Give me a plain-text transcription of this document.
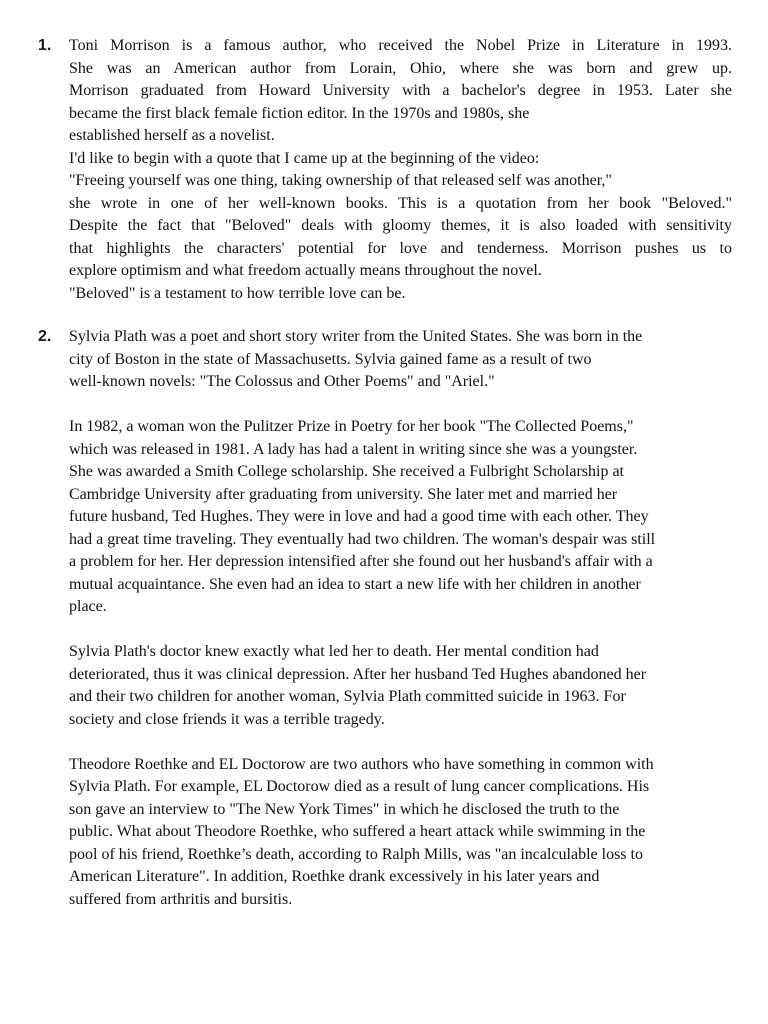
1.	Toni Morrison is a famous author, who received the Nobel Prize in Literature in 1993.
She was an American author from Lorain, Ohio, where she was born and grew up.
Morrison graduated from Howard University with a bachelor's degree in 1953. Later she
became the first black female fiction editor. In the 1970s and 1980s, she
established herself as a novelist.
I'd like to begin with a quote that I came up at the beginning of the video:
"Freeing yourself was one thing, taking ownership of that released self was another,"
she wrote in one of her well-known books. This is a quotation from her book "Beloved."
Despite the fact that "Beloved" deals with gloomy themes, it is also loaded with sensitivity
that highlights the characters' potential for love and tenderness. Morrison pushes us to
explore optimism and what freedom actually means throughout the novel.
"Beloved" is a testament to how terrible love can be.
2.	Sylvia Plath was a poet and short story writer from the United States. She was born in the
city of Boston in the state of Massachusetts. Sylvia gained fame as a result of two
well-known novels: "The Colossus and Other Poems" and "Ariel."
In 1982, a woman won the Pulitzer Prize in Poetry for her book "The Collected Poems,"
which was released in 1981. A lady has had a talent in writing since she was a youngster.
She was awarded a Smith College scholarship. She received a Fulbright Scholarship at
Cambridge University after graduating from university. She later met and married her
future husband, Ted Hughes. They were in love and had a good time with each other. They
had a great time traveling. They eventually had two children. The woman's despair was still
a problem for her. Her depression intensified after she found out her husband's affair with a
mutual acquaintance. She even had an idea to start a new life with her children in another
place.
Sylvia Plath's doctor knew exactly what led her to death. Her mental condition had
deteriorated, thus it was clinical depression. After her husband Ted Hughes abandoned her
and their two children for another woman, Sylvia Plath committed suicide in 1963. For
society and close friends it was a terrible tragedy.
Theodore Roethke and EL Doctorow are two authors who have something in common with
Sylvia Plath. For example, EL Doctorow died as a result of lung cancer complications. His
son gave an interview to "The New York Times" in which he disclosed the truth to the
public. What about Theodore Roethke, who suffered a heart attack while swimming in the
pool of his friend, Roethke’s death, according to Ralph Mills, was "an incalculable loss to
American Literature". In addition, Roethke drank excessively in his later years and
suffered from arthritis and bursitis.
